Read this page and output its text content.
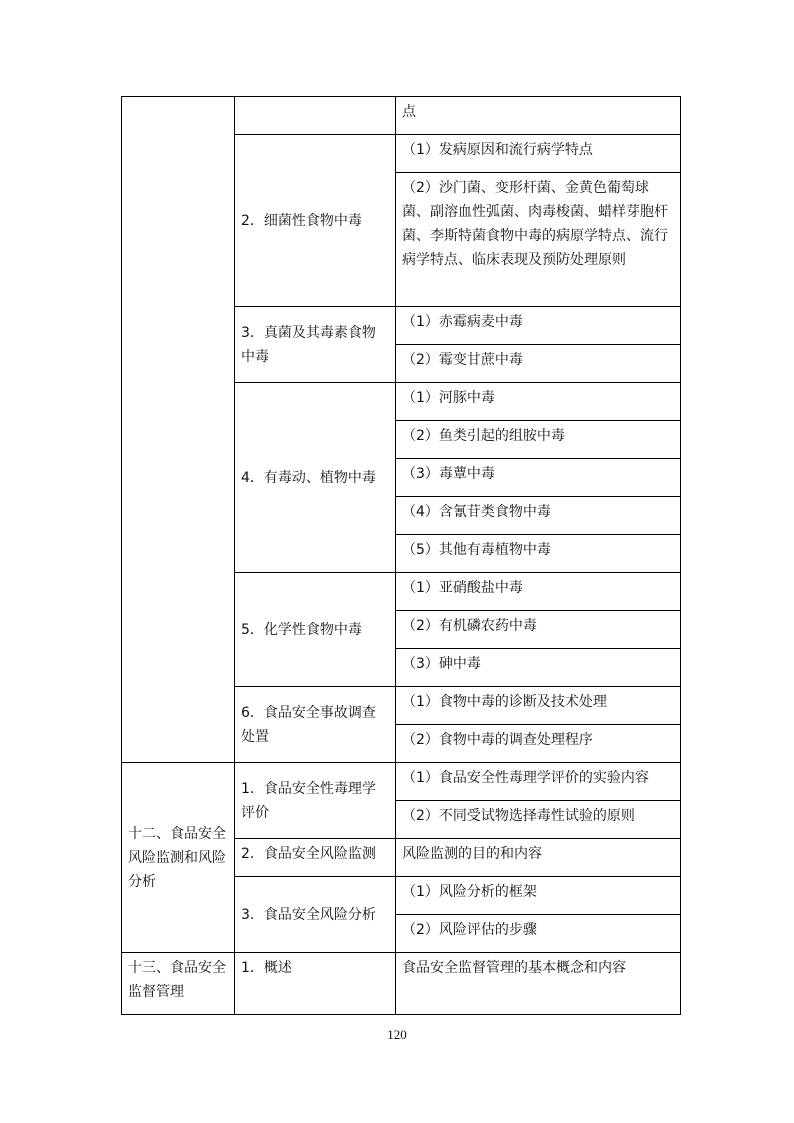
		点
	2．细菌性食物中毒	（1）发病原因和流行病学特点
		（2）沙门菌、变形杆菌、金黄色葡萄球菌、副溶血性弧菌、肉毒梭菌、蜡样芽胞杆菌、李斯特菌食物中毒的病原学特点、流行病学特点、临床表现及预防处理原则
	3．真菌及其毒素食物中毒	（1）赤霉病麦中毒
		（2）霉变甘蔗中毒
	4．有毒动、植物中毒	（1）河豚中毒
		（2）鱼类引起的组胺中毒
		（3）毒蕈中毒
		（4）含氰苷类食物中毒
		（5）其他有毒植物中毒
	5．化学性食物中毒	（1）亚硝酸盐中毒
		（2）有机磷农药中毒
		（3）砷中毒
	6．食品安全事故调查处置	（1）食物中毒的诊断及技术处理
		（2）食物中毒的调查处理程序
十二、食品安全风险监测和风险分析	1．食品安全性毒理学评价	（1）食品安全性毒理学评价的实验内容
		（2）不同受试物选择毒性试验的原则
	2．食品安全风险监测	风险监测的目的和内容
	3．食品安全风险分析	（1）风险分析的框架
		（2）风险评估的步骤
十三、食品安全监督管理	1．概述	食品安全监督管理的基本概念和内容
120
